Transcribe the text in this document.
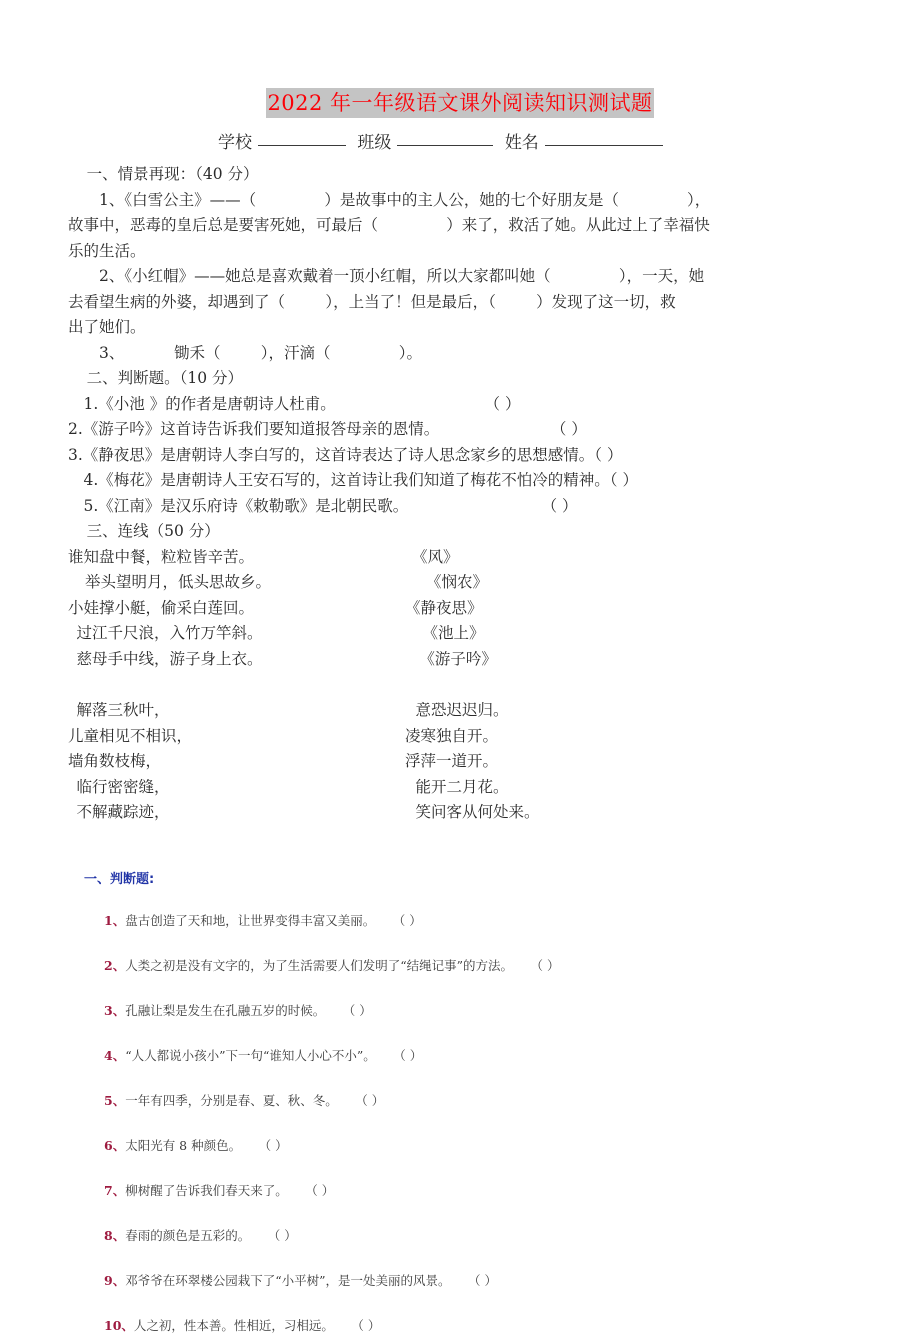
2022 年一年级语文课外阅读知识测试题
学校	班级	姓名

一、情景再现：（40 分）

1、《白雪公主》——（	）是故事中的主人公，她的七个好朋友是（	），

故事中，恶毒的皇后总是要害死她，可最后（	）来了，救活了她。从此过上了幸福快

乐的生活。

2、《小红帽》——她总是喜欢戴着一顶小红帽，所以大家都叫她（	），一天，她

去看望生病的外婆，却遇到了（	），上当了！但是最后，（	）发现了这一切，救

出了她们。

3、	锄禾（	），汗滴（	）。

二、判断题。（10 分）

1.《小池 》的作者是唐朝诗人杜甫。	（ ）

2.《游子吟》这首诗告诉我们要知道报答母亲的恩情。	（ ）

3.《静夜思》是唐朝诗人李白写的，这首诗表达了诗人思念家乡的思想感情。（ ）

4.《梅花》是唐朝诗人王安石写的，这首诗让我们知道了梅花不怕冷的精神。（ ）

5.《江南》是汉乐府诗《敕勒歌》是北朝民歌。	（ ）

三、连线（50 分）

谁知盘中餐，粒粒皆辛苦。	《风》
举头望明月，低头思故乡。	《悯农》
小娃撑小艇，偷采白莲回。	《静夜思》
过江千尺浪，入竹万竿斜。	《池上》
慈母手中线，游子身上衣。	《游子吟》
解落三秋叶，	意恐迟迟归。
儿童相见不相识，	凌寒独自开。
墙角数枝梅，	浮萍一道开。
临行密密缝，	能开二月花。
不解藏踪迹，	笑问客从何处来。

一、判断题:

1、盘古创造了天和地，让世界变得丰富又美丽。 （ ）

2、人类之初是没有文字的，为了生活需要人们发明了“结绳记事”的方法。 （ ）

3、孔融让梨是发生在孔融五岁的时候。 （ ）

4、“人人都说小孩小”下一句“谁知人小心不小”。 （ ）

5、一年有四季，分别是春、夏、秋、冬。 （ ）

6、太阳光有 8 种颜色。 （ ）

7、柳树醒了告诉我们春天来了。 （ ）

8、春雨的颜色是五彩的。 （ ）

9、邓爷爷在环翠楼公园栽下了“小平树”，是一处美丽的风景。 （ ）

10、人之初，性本善。性相近，习相远。 （ ）
